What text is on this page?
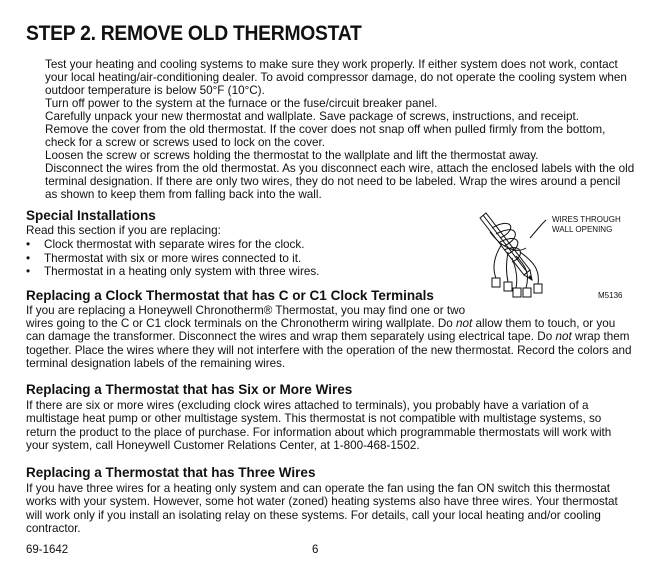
STEP 2. REMOVE OLD THERMOSTAT
Test your heating and cooling systems to make sure they work properly. If either system does not work, contact your local heating/air-conditioning dealer. To avoid compressor damage, do not operate the cooling system when outdoor temperature is below 50°F (10°C).
Turn off power to the system at the furnace or the fuse/circuit breaker panel.
Carefully unpack your new thermostat and wallplate. Save package of screws, instructions, and receipt.
Remove the cover from the old thermostat. If the cover does not snap off when pulled firmly from the bottom, check for a screw or screws used to lock on the cover.
Loosen the screw or screws holding the thermostat to the wallplate and lift the thermostat away.
Disconnect the wires from the old thermostat. As you disconnect each wire, attach the enclosed labels with the old terminal designation. If there are only two wires, they do not need to be labeled. Wrap the wires around a pencil as shown to keep them from falling back into the wall.
Special Installations
Read this section if you are replacing:
•	Clock thermostat with separate wires for the clock.
•	Thermostat with six or more wires connected to it.
•	Thermostat in a heating only system with three wires.
WIRES THROUGH
WALL OPENING
M5136
Replacing a Clock Thermostat that has C or C1 Clock Terminals
If you are replacing a Honeywell Chronotherm® Thermostat, you may find one or two
wires going to the C or C1 clock terminals on the Chronotherm wiring wallplate. Do not allow them to touch, or you can damage the transformer. Disconnect the wires and wrap them separately using electrical tape. Do not wrap them together. Place the wires where they will not interfere with the operation of the new thermostat. Record the colors and terminal designation labels of the remaining wires.
Replacing a Thermostat that has Six or More Wires
If there are six or more wires (excluding clock wires attached to terminals), you probably have a variation of a multistage heat pump or other multistage system. This thermostat is not compatible with multistage systems, so return the product to the place of purchase. For information about which programmable thermostats will work with your system, call Honeywell Customer Relations Center, at 1-800-468-1502.
Replacing a Thermostat that has Three Wires
If you have three wires for a heating only system and can operate the fan using the fan ON switch this thermostat works with your system. However, some hot water (zoned) heating systems also have three wires. Your thermostat will work only if you install an isolating relay on these systems. For details, call your local heating and/or cooling contractor.
69-1642	6
